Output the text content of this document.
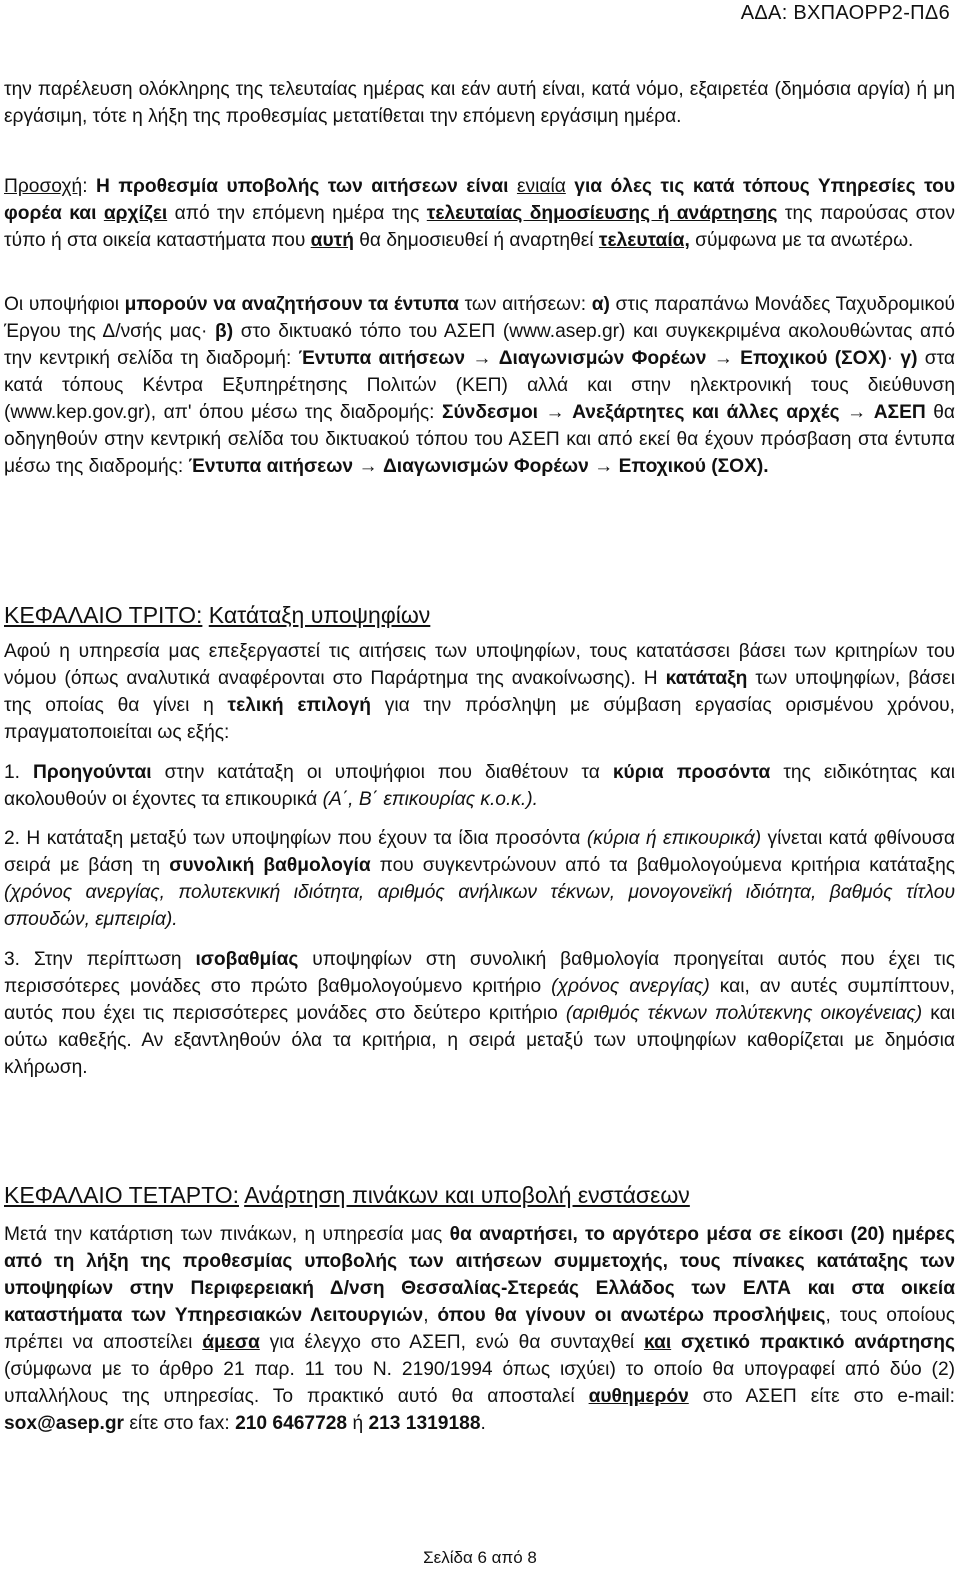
ΑΔΑ: ΒΧΠΑΟΡΡ2-ΠΔ6

την παρέλευση ολόκληρης της τελευταίας ημέρας και εάν αυτή είναι, κατά νόμο, εξαιρετέα (δημόσια αργία) ή μη εργάσιμη, τότε η λήξη της προθεσμίας μετατίθεται την επόμενη εργάσιμη ημέρα.

Προσοχή: Η προθεσμία υποβολής των αιτήσεων είναι ενιαία για όλες τις κατά τόπους Υπηρεσίες του φορέα και αρχίζει από την επόμενη ημέρα της τελευταίας δημοσίευσης ή ανάρτησης της παρούσας στον τύπο ή στα οικεία καταστήματα που αυτή θα δημοσιευθεί ή αναρτηθεί τελευταία, σύμφωνα με τα ανωτέρω.

Οι υποψήφιοι μπορούν να αναζητήσουν τα έντυπα των αιτήσεων: α) στις παραπάνω Μονάδες Ταχυδρομικού Έργου της Δ/νσής μας· β) στο δικτυακό τόπο του ΑΣΕΠ (www.asep.gr) και συγκεκριμένα ακολουθώντας από την κεντρική σελίδα τη διαδρομή: Έντυπα αιτήσεων → Διαγωνισμών Φορέων → Εποχικού (ΣΟΧ)· γ) στα κατά τόπους Κέντρα Εξυπηρέτησης Πολιτών (ΚΕΠ) αλλά και στην ηλεκτρονική τους διεύθυνση (www.kep.gov.gr), απ' όπου μέσω της διαδρομής: Σύνδεσμοι → Ανεξάρτητες και άλλες αρχές → ΑΣΕΠ θα οδηγηθούν στην κεντρική σελίδα του δικτυακού τόπου του ΑΣΕΠ και από εκεί θα έχουν πρόσβαση στα έντυπα μέσω της διαδρομής: Έντυπα αιτήσεων → Διαγωνισμών Φορέων → Εποχικού (ΣΟΧ).

ΚΕΦΑΛΑΙΟ ΤΡΙΤΟ: Κατάταξη υποψηφίων

Αφού η υπηρεσία μας επεξεργαστεί τις αιτήσεις των υποψηφίων, τους κατατάσσει βάσει των κριτηρίων του νόμου (όπως αναλυτικά αναφέρονται στο Παράρτημα της ανακοίνωσης). Η κατάταξη των υποψηφίων, βάσει της οποίας θα γίνει η τελική επιλογή για την πρόσληψη με σύμβαση εργασίας ορισμένου χρόνου, πραγματοποιείται ως εξής:

1. Προηγούνται στην κατάταξη οι υποψήφιοι που διαθέτουν τα κύρια προσόντα της ειδικότητας και ακολουθούν οι έχοντες τα επικουρικά (Α΄, Β΄ επικουρίας κ.ο.κ.).

2. Η κατάταξη μεταξύ των υποψηφίων που έχουν τα ίδια προσόντα (κύρια ή επικουρικά) γίνεται κατά φθίνουσα σειρά με βάση τη συνολική βαθμολογία που συγκεντρώνουν από τα βαθμολογούμενα κριτήρια κατάταξης (χρόνος ανεργίας, πολυτεκνική ιδιότητα, αριθμός ανήλικων τέκνων, μονογονεϊκή ιδιότητα, βαθμός τίτλου σπουδών, εμπειρία).

3. Στην περίπτωση ισοβαθμίας υποψηφίων στη συνολική βαθμολογία προηγείται αυτός που έχει τις περισσότερες μονάδες στο πρώτο βαθμολογούμενο κριτήριο (χρόνος ανεργίας) και, αν αυτές συμπίπτουν, αυτός που έχει τις περισσότερες μονάδες στο δεύτερο κριτήριο (αριθμός τέκνων πολύτεκνης οικογένειας) και ούτω καθεξής. Αν εξαντληθούν όλα τα κριτήρια, η σειρά μεταξύ των υποψηφίων καθορίζεται με δημόσια κλήρωση.

ΚΕΦΑΛΑΙΟ ΤΕΤΑΡΤΟ: Ανάρτηση πινάκων και υποβολή ενστάσεων

Μετά την κατάρτιση των πινάκων, η υπηρεσία μας θα αναρτήσει, το αργότερο μέσα σε είκοσι (20) ημέρες από τη λήξη της προθεσμίας υποβολής των αιτήσεων συμμετοχής, τους πίνακες κατάταξης των υποψηφίων στην Περιφερειακή Δ/νση Θεσσαλίας-Στερεάς Ελλάδος των ΕΛΤΑ και στα οικεία καταστήματα των Υπηρεσιακών Λειτουργιών, όπου θα γίνουν οι ανωτέρω προσλήψεις, τους οποίους πρέπει να αποστείλει άμεσα για έλεγχο στο ΑΣΕΠ, ενώ θα συνταχθεί και σχετικό πρακτικό ανάρτησης (σύμφωνα με το άρθρο 21 παρ. 11 του Ν. 2190/1994 όπως ισχύει) το οποίο θα υπογραφεί από δύο (2) υπαλλήλους της υπηρεσίας. Το πρακτικό αυτό θα αποσταλεί αυθημερόν στο ΑΣΕΠ είτε στο e-mail: sox@asep.gr είτε στο fax: 210 6467728 ή 213 1319188.

Σελίδα 6 από 8
